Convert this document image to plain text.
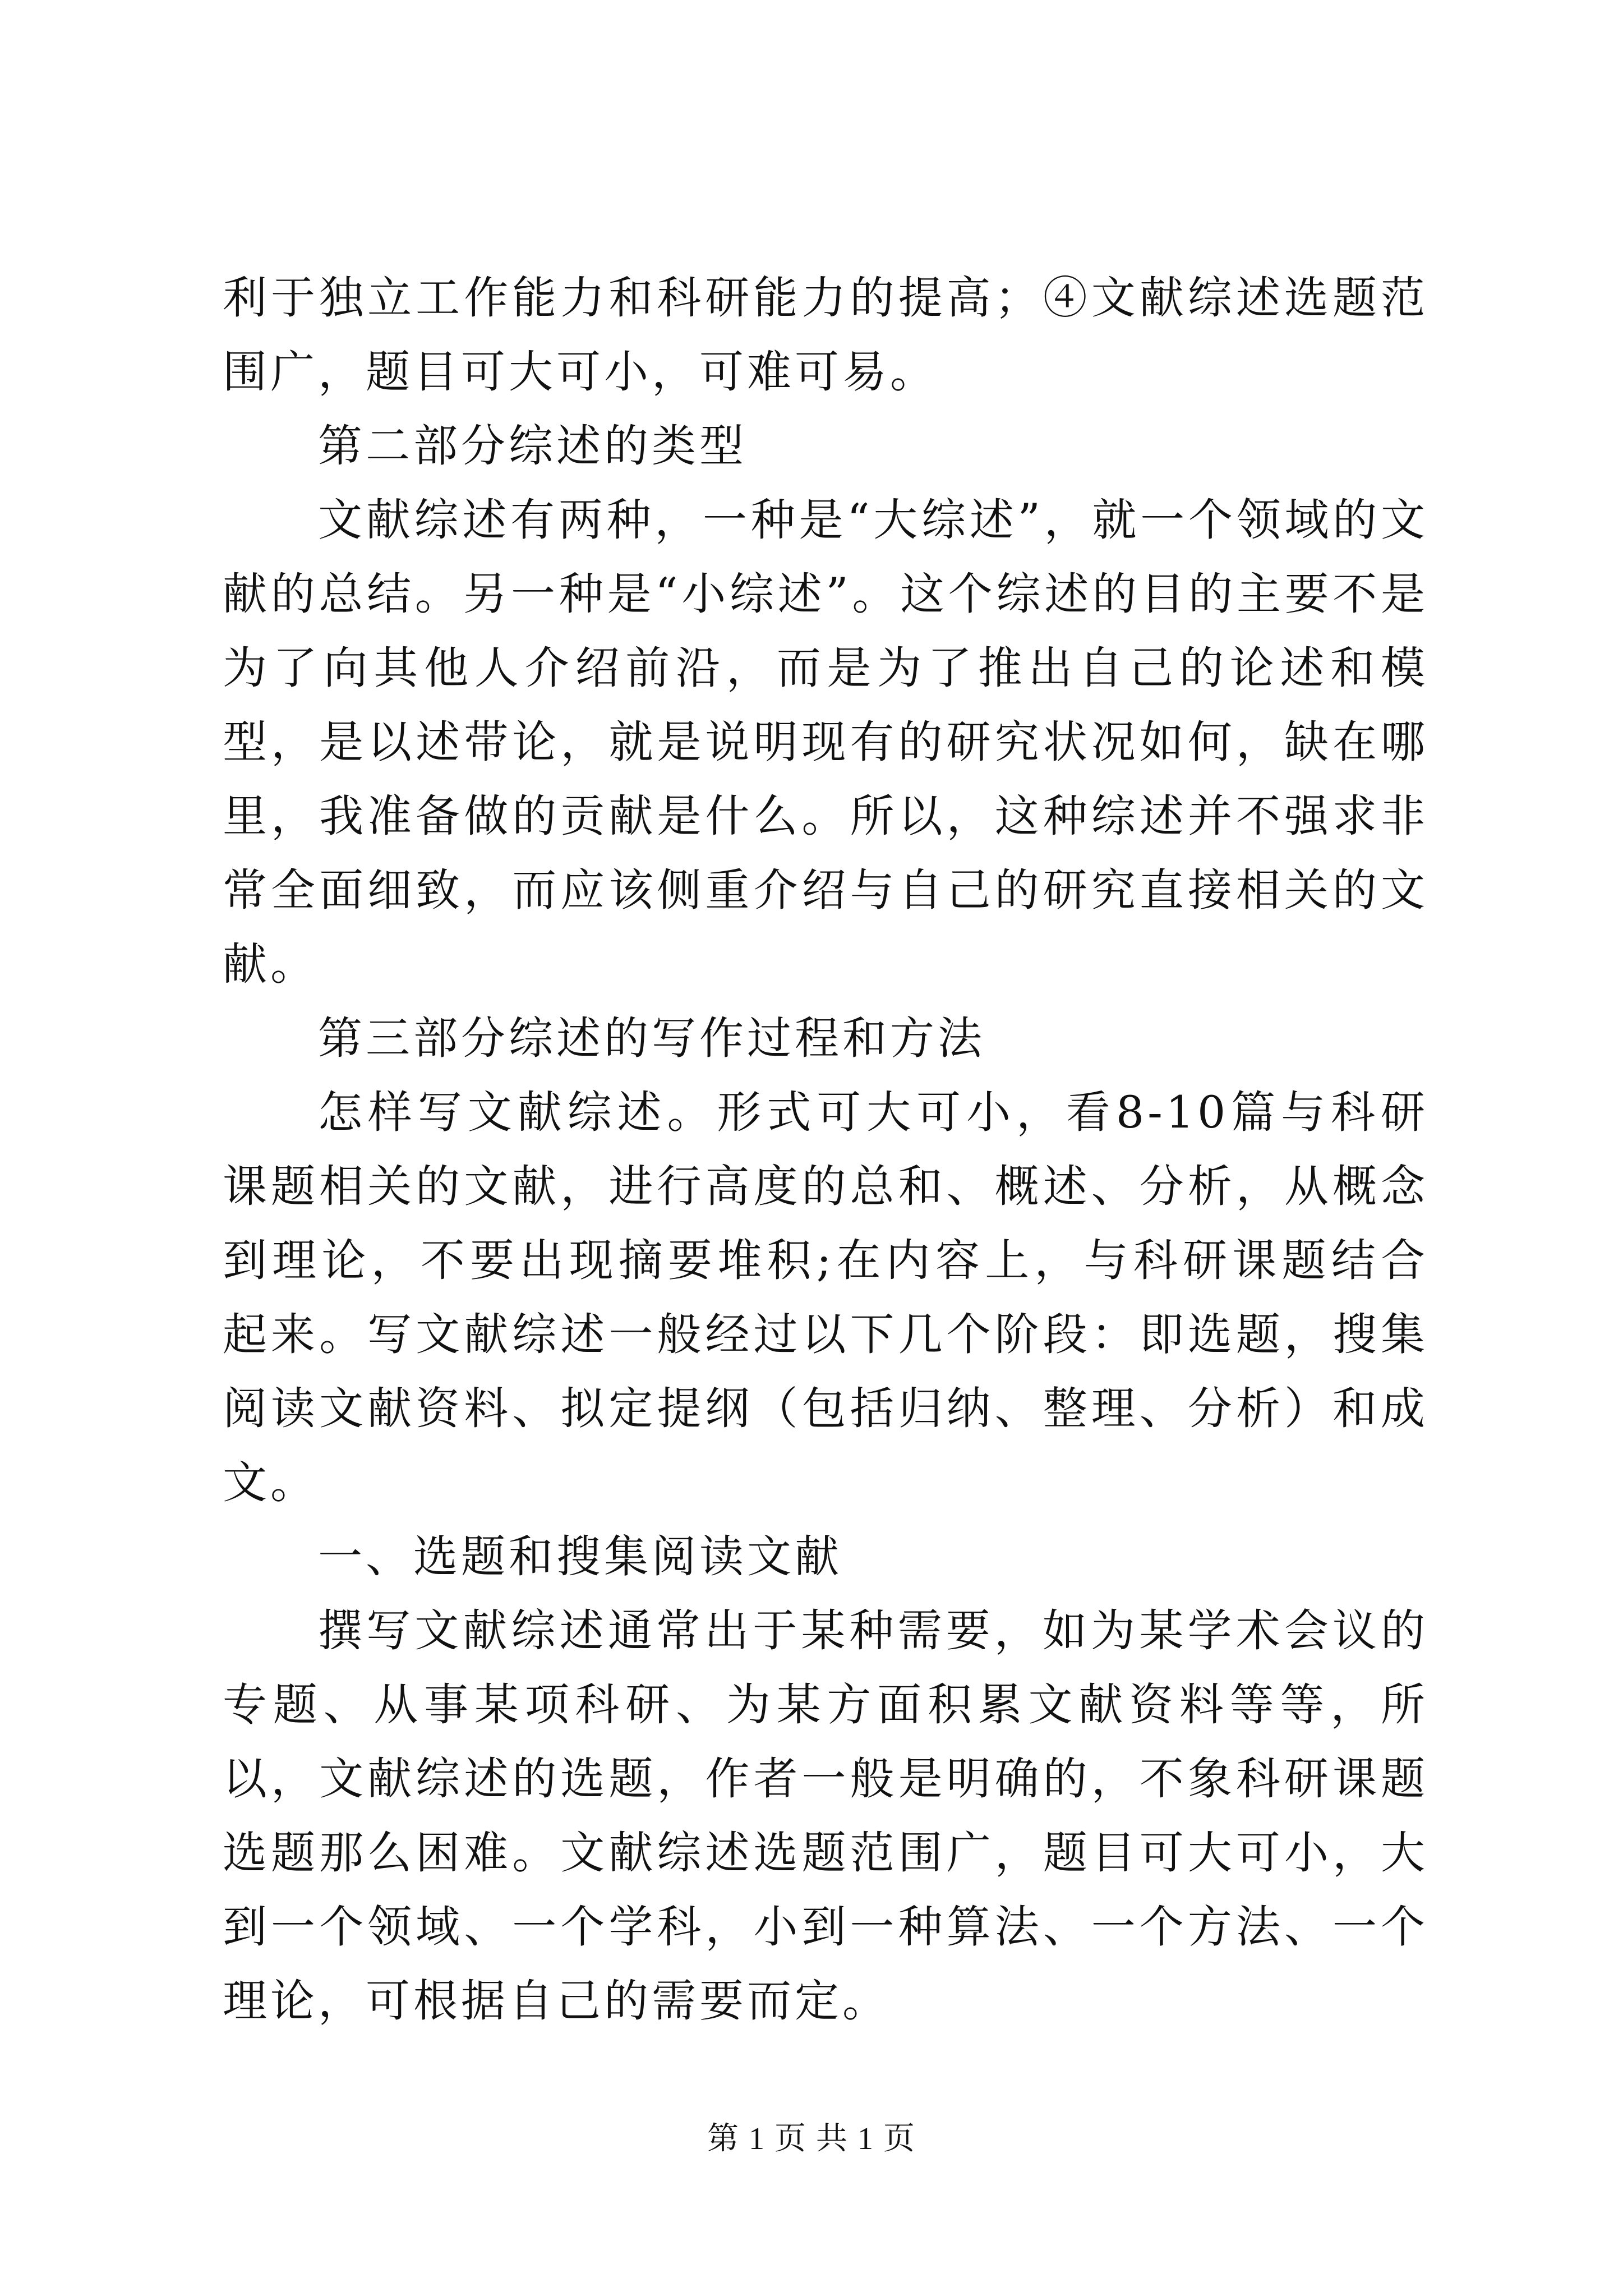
利于独立工作能力和科研能力的提高；④文献综述选题范围广，题目可大可小，可难可易。

第二部分综述的类型

文献综述有两种，一种是“大综述”，就一个领域的文献的总结。另一种是“小综述”。这个综述的目的主要不是为了向其他人介绍前沿，而是为了推出自己的论述和模型，是以述带论，就是说明现有的研究状况如何，缺在哪里，我准备做的贡献是什么。所以，这种综述并不强求非常全面细致，而应该侧重介绍与自己的研究直接相关的文献。

第三部分综述的写作过程和方法

怎样写文献综述。形式可大可小，看8-10篇与科研课题相关的文献，进行高度的总和、概述、分析，从概念到理论，不要出现摘要堆积;在内容上，与科研课题结合起来。写文献综述一般经过以下几个阶段：即选题，搜集阅读文献资料、拟定提纲（包括归纳、整理、分析）和成文。

一、选题和搜集阅读文献

撰写文献综述通常出于某种需要，如为某学术会议的专题、从事某项科研、为某方面积累文献资料等等，所以，文献综述的选题，作者一般是明确的，不象科研课题选题那么困难。文献综述选题范围广，题目可大可小，大到一个领域、一个学科，小到一种算法、一个方法、一个理论，可根据自己的需要而定。

第 1 页 共 1 页
